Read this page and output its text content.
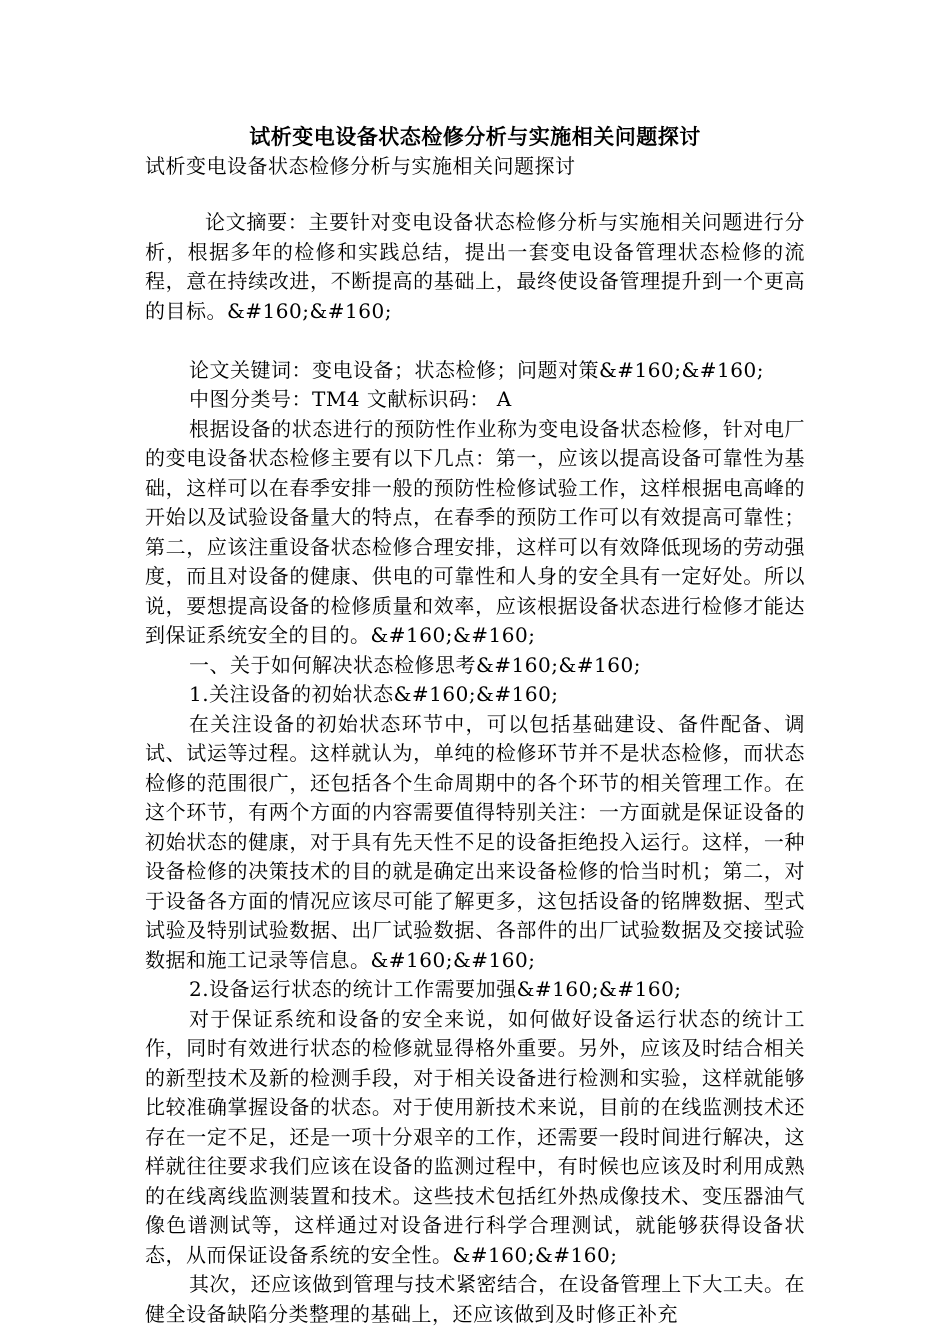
试析变电设备状态检修分析与实施相关问题探讨

试析变电设备状态检修分析与实施相关问题探讨

论文摘要：主要针对变电设备状态检修分析与实施相关问题进行分析，根据多年的检修和实践总结，提出一套变电设备管理状态检修的流程，意在持续改进，不断提高的基础上，最终使设备管理提升到一个更高的目标。&#160;&#160;

论文关键词：变电设备；状态检修；问题对策&#160;&#160;

中图分类号：TM4 文献标识码： A

根据设备的状态进行的预防性作业称为变电设备状态检修，针对电厂的变电设备状态检修主要有以下几点：第一，应该以提高设备可靠性为基础，这样可以在春季安排一般的预防性检修试验工作，这样根据电高峰的开始以及试验设备量大的特点，在春季的预防工作可以有效提高可靠性；第二，应该注重设备状态检修合理安排，这样可以有效降低现场的劳动强度，而且对设备的健康、供电的可靠性和人身的安全具有一定好处。所以说，要想提高设备的检修质量和效率，应该根据设备状态进行检修才能达到保证系统安全的目的。&#160;&#160;

一、关于如何解决状态检修思考&#160;&#160;

1.关注设备的初始状态&#160;&#160;

在关注设备的初始状态环节中，可以包括基础建设、备件配备、调试、试运等过程。这样就认为，单纯的检修环节并不是状态检修，而状态检修的范围很广，还包括各个生命周期中的各个环节的相关管理工作。在这个环节，有两个方面的内容需要值得特别关注：一方面就是保证设备的初始状态的健康，对于具有先天性不足的设备拒绝投入运行。这样，一种设备检修的决策技术的目的就是确定出来设备检修的恰当时机；第二，对于设备各方面的情况应该尽可能了解更多，这包括设备的铭牌数据、型式试验及特别试验数据、出厂试验数据、各部件的出厂试验数据及交接试验数据和施工记录等信息。&#160;&#160;

2.设备运行状态的统计工作需要加强&#160;&#160;

对于保证系统和设备的安全来说，如何做好设备运行状态的统计工作，同时有效进行状态的检修就显得格外重要。另外，应该及时结合相关的新型技术及新的检测手段，对于相关设备进行检测和实验，这样就能够比较准确掌握设备的状态。对于使用新技术来说，目前的在线监测技术还存在一定不足，还是一项十分艰辛的工作，还需要一段时间进行解决，这样就往往要求我们应该在设备的监测过程中，有时候也应该及时利用成熟的在线离线监测装置和技术。这些技术包括红外热成像技术、变压器油气像色谱测试等，这样通过对设备进行科学合理测试，就能够获得设备状态，从而保证设备系统的安全性。&#160;&#160;

其次，还应该做到管理与技术紧密结合，在设备管理上下大工夫。在健全设备缺陷分类整理的基础上，还应该做到及时修正补充
